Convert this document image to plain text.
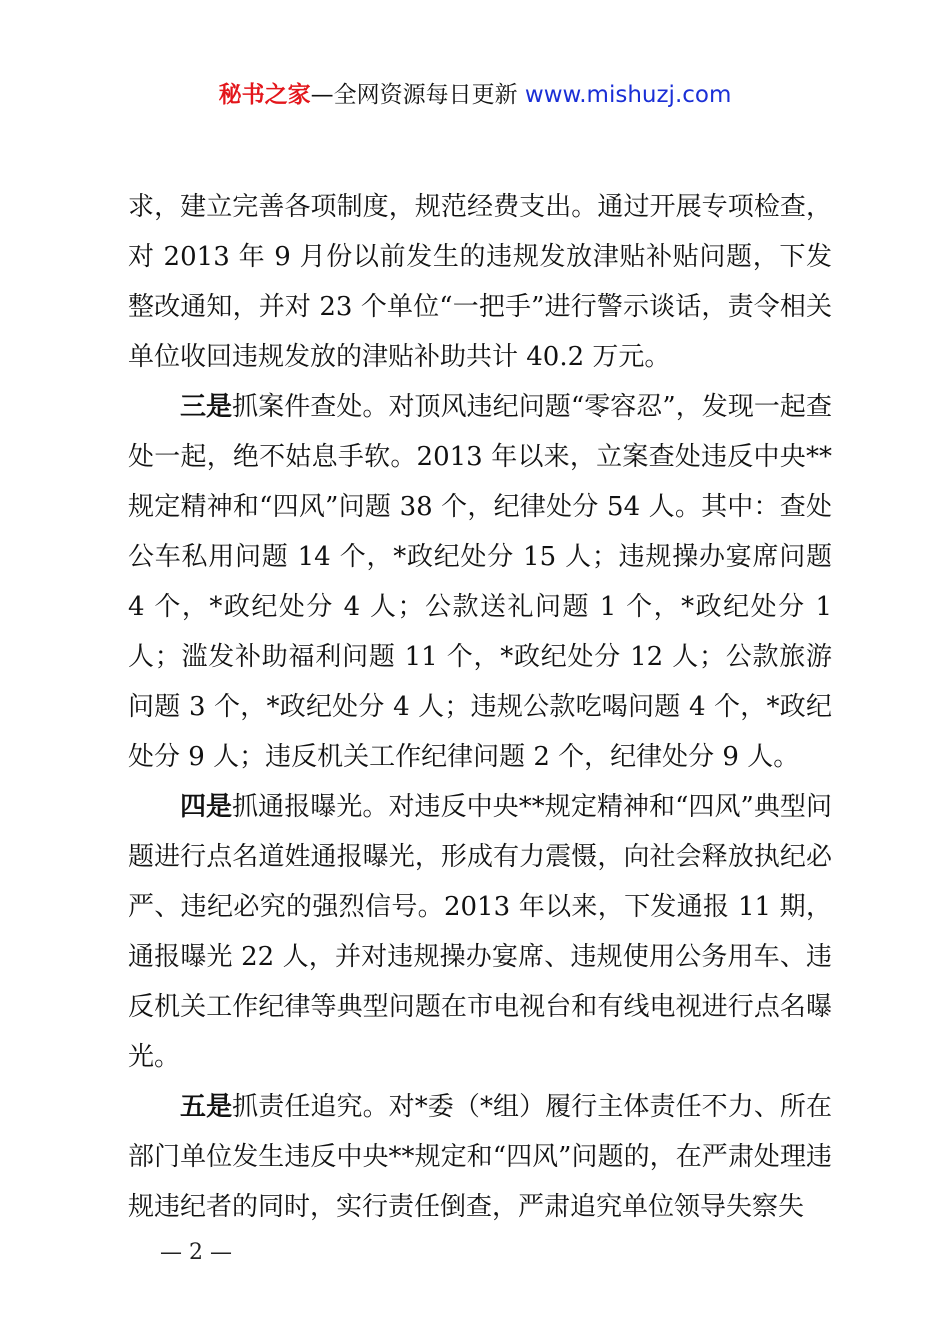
秘书之家—全网资源每日更新 www.mishuzj.com

求，建立完善各项制度，规范经费支出。通过开展专项检查，对 2013 年 9 月份以前发生的违规发放津贴补贴问题，下发整改通知，并对 23 个单位“一把手”进行警示谈话，责令相关单位收回违规发放的津贴补助共计 40.2 万元。

三是抓案件查处。对顶风违纪问题“零容忍”，发现一起查处一起，绝不姑息手软。2013 年以来，立案查处违反中央**规定精神和“四风”问题 38 个，纪律处分 54 人。其中：查处公车私用问题 14 个，*政纪处分 15 人；违规操办宴席问题 4 个，*政纪处分 4 人；公款送礼问题 1 个，*政纪处分 1 人；滥发补助福利问题 11 个，*政纪处分 12 人；公款旅游问题 3 个，*政纪处分 4 人；违规公款吃喝问题 4 个，*政纪处分 9 人；违反机关工作纪律问题 2 个，纪律处分 9 人。

四是抓通报曝光。对违反中央**规定精神和“四风”典型问题进行点名道姓通报曝光，形成有力震慑，向社会释放执纪必严、违纪必究的强烈信号。2013 年以来，下发通报 11 期，通报曝光 22 人，并对违规操办宴席、违规使用公务用车、违反机关工作纪律等典型问题在市电视台和有线电视进行点名曝光。

五是抓责任追究。对*委（*组）履行主体责任不力、所在部门单位发生违反中央**规定和“四风”问题的，在严肃处理违规违纪者的同时，实行责任倒查，严肃追究单位领导失察失

— 2 —
